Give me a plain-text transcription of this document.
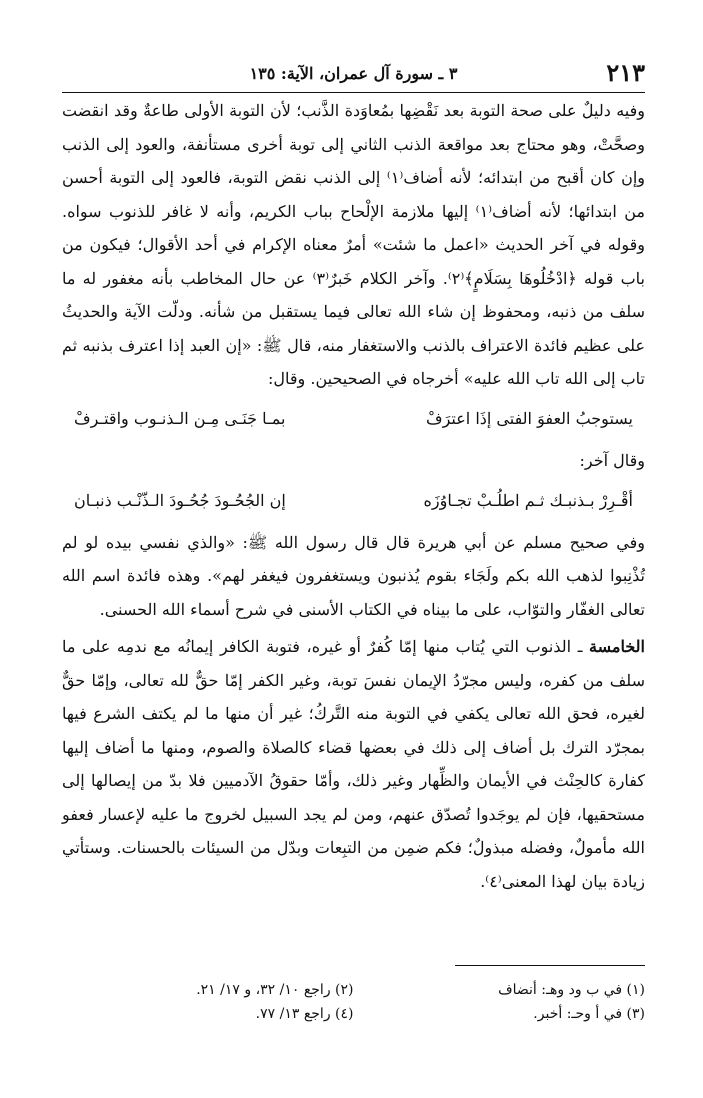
٢١٣
٣ ـ سورة آل عمران، الآية: ١٣٥

وفيه دليلٌ على صحة التوبة بعد نَقْضِها بمُعاوَدة الذَّنب؛ لأن التوبة الأولى طاعةٌ وقد انقضت وصحَّتْ، وهو محتاج بعد مواقعة الذنب الثاني إلى توبة أخرى مستأنفة، والعود إلى الذنب وإن كان أقبح من ابتدائه؛ لأنه أضاف⁽١⁾ إلى الذنب نقض التوبة، فالعود إلى التوبة أحسن من ابتدائها؛ لأنه أضاف⁽١⁾ إليها ملازمة الإلْحاح بباب الكريم، وأنه لا غافر للذنوب سواه. وقوله في آخر الحديث «اعمل ما شئت» أمرٌ معناه الإكرام في أحد الأقوال؛ فيكون من باب قوله ﴿ادْخُلُوهَا بِسَلَامٍ﴾⁽٢⁾. وآخر الكلام خَبرٌ⁽٣⁾ عن حال المخاطب بأنه مغفور له ما سلف من ذنبه، ومحفوظ إن شاء الله تعالى فيما يستقبل من شأنه. ودلّت الآية والحديثُ على عظيم فائدة الاعتراف بالذنب والاستغفار منه، قال ﷺ: «إن العبد إذا اعترف بذنبه ثم تاب إلى الله تاب الله عليه» أخرجاه في الصحيحين. وقال:

يستوجبُ العفوَ الفتى إذَا اعترَفْ
بمـا جَنَـى مِـن الـذنـوب واقتـرفْ

وقال آخر:

أقْـرِرْ بـذنبـك ثـم اطلُـبْ تجـاوُزَه
إن الجُحُـودَ جُحُـودَ الـذّنْـب ذنبـان

وفي صحيح مسلم عن أبي هريرة قال قال رسول الله ﷺ: «والذي نفسي بيده لو لم تُذْنِبوا لذهب الله بكم ولَجَاء بقوم يُذنبون ويستغفرون فيغفر لهم». وهذه فائدة اسم الله تعالى الغفّار والتوّاب، على ما بيناه في الكتاب الأسنى في شرح أسماء الله الحسنى.

الخامسة ـ الذنوب التي يُتاب منها إمّا كُفرٌ أو غيره، فتوبة الكافر إيمانُه مع ندمِه على ما سلف من كفره، وليس مجرّدُ الإيمان نفسَ توبة، وغير الكفر إمّا حقٌّ لله تعالى، وإمّا حقٌّ لغيره، فحق الله تعالى يكفي في التوبة منه التَّركُ؛ غير أن منها ما لم يكتف الشرع فيها بمجرّد الترك بل أضاف إلى ذلك في بعضها قضاء كالصلاة والصوم، ومنها ما أضاف إليها كفارة كالحِنْث في الأيمان والظِّهار وغير ذلك، وأمّا حقوقُ الآدميين فلا بدّ من إيصالها إلى مستحقيها، فإن لم يوجَدوا تُصدّق عنهم، ومن لم يجد السبيل لخروج ما عليه لإعسار فعفو الله مأمولٌ، وفضله مبذولٌ؛ فكم ضمِن من التبِعات وبدّل من السيئات بالحسنات. وستأتي زيادة بيان لهذا المعنى⁽٤⁾.

(١) في ب ود وهـ: أنضاف
(٢) راجع ١٠/ ٣٢، و ١٧/ ٢١.
(٣) في أ وحـ: أخبر.
(٤) راجع ١٣/ ٧٧.
